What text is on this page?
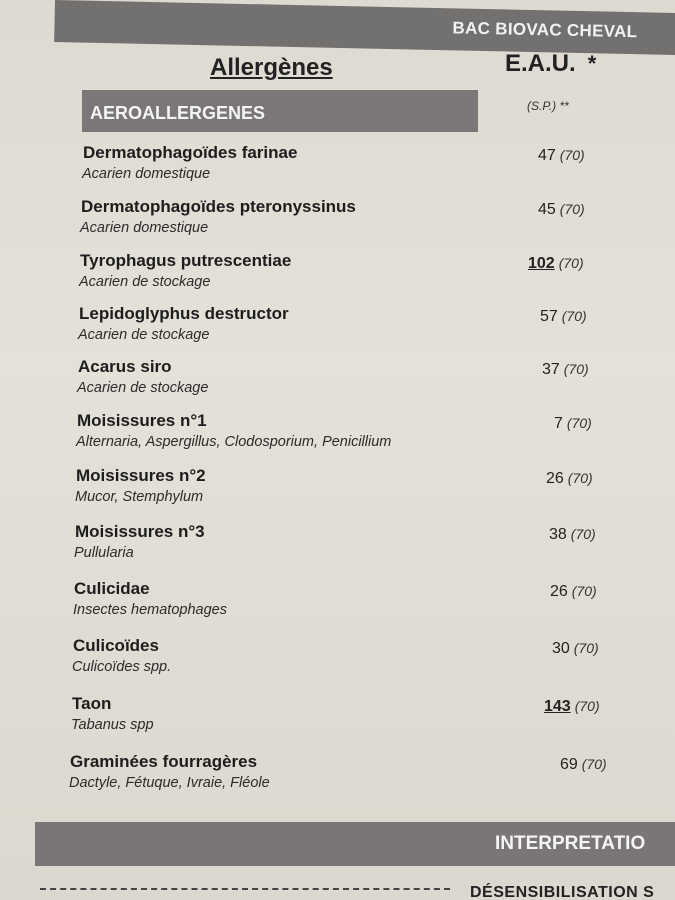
BAC BIOVAC CHEVAL
Allergènes	E.A.U. *
(S.P.) **
AEROALLERGENES
Dermatophagoïdes farinae
Acarien domestique
47 (70)
Dermatophagoïdes pteronyssinus
Acarien domestique
45 (70)
Tyrophagus putrescentiae
Acarien de stockage
102 (70)
Lepidoglyphus destructor
Acarien de stockage
57 (70)
Acarus siro
Acarien de stockage
37 (70)
Moisissures n°1
Alternaria, Aspergillus, Clodosporium, Penicillium
7 (70)
Moisissures n°2
Mucor, Stemphylum
26 (70)
Moisissures n°3
Pullularia
38 (70)
Culicidae
Insectes hematophages
26 (70)
Culicoïdes
Culicoïdes spp.
30 (70)
Taon
Tabanus spp
143 (70)
Graminées fourragères
Dactyle, Fétuque, Ivraie, Fléole
69 (70)
INTERPRETATIO
DÉSENSIBILISATION S
